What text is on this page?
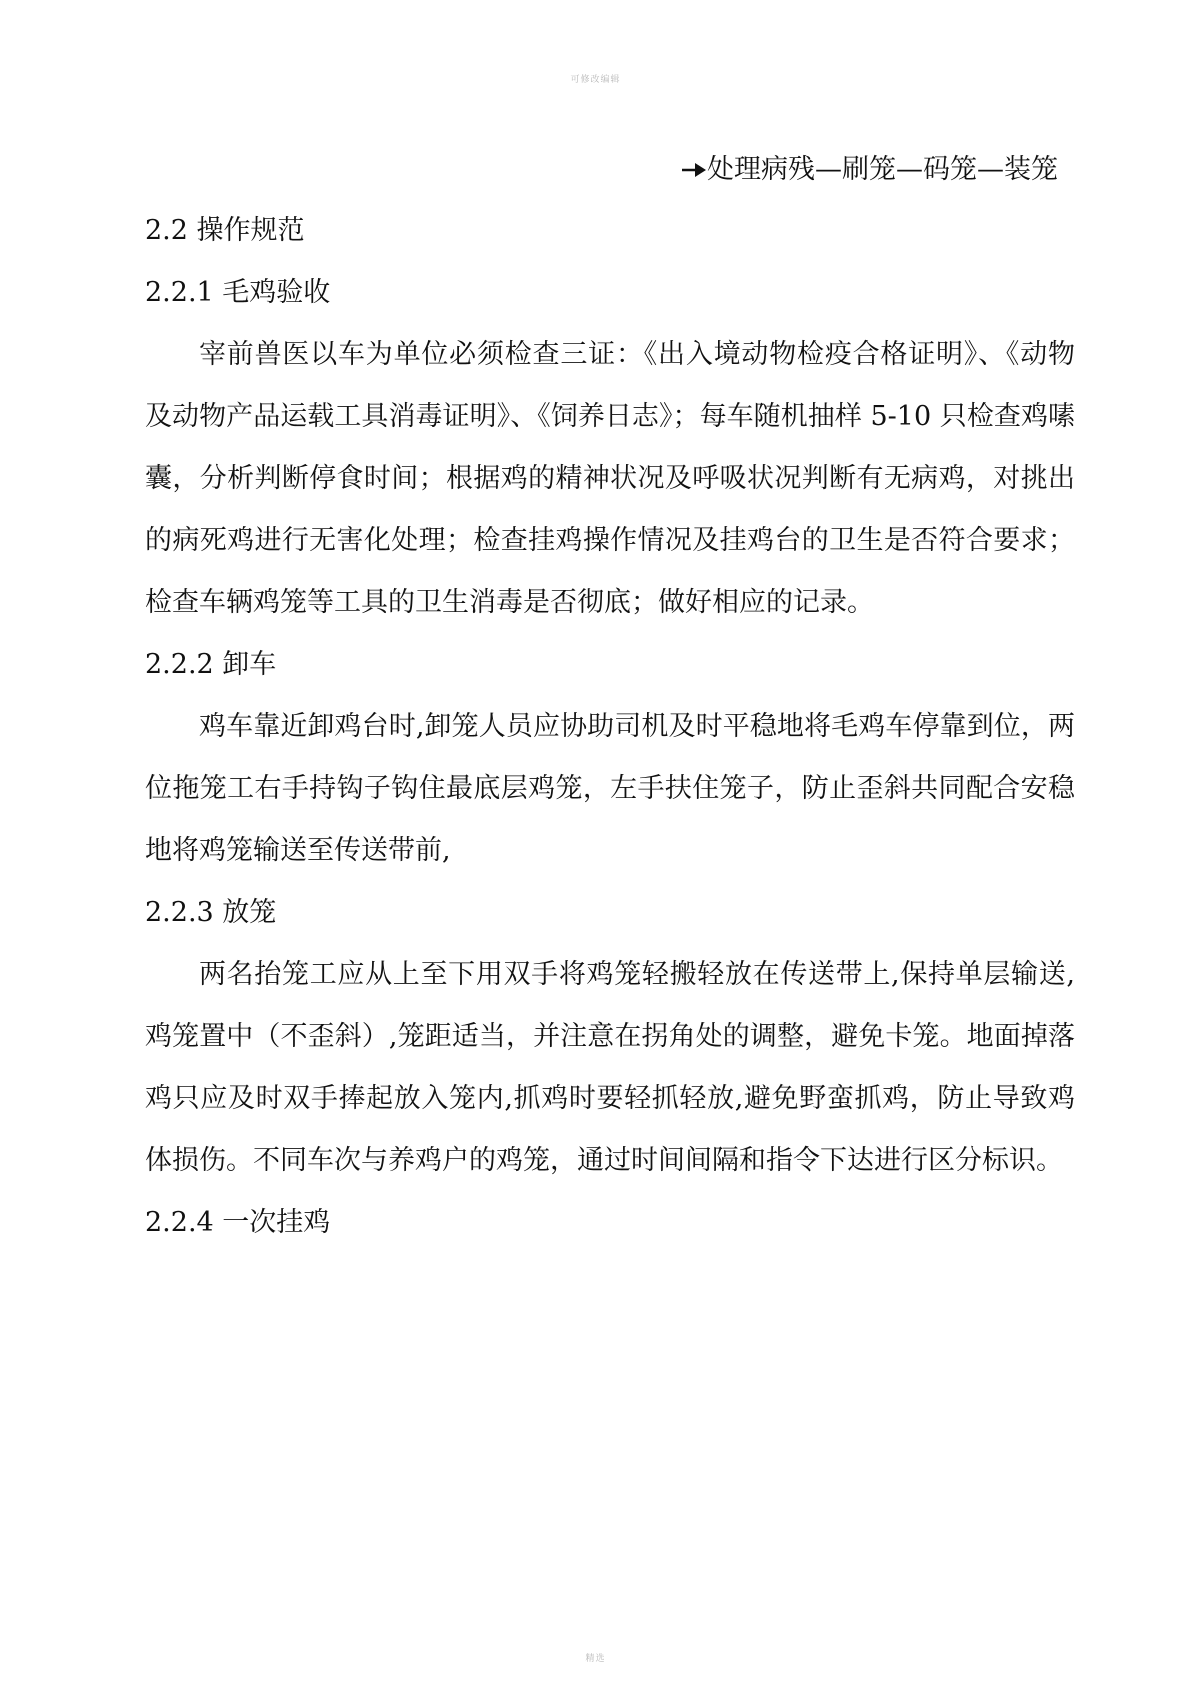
可修改编辑
处理病残—刷笼—码笼—装笼
2.2 操作规范
2.2.1 毛鸡验收

宰前兽医以车为单位必须检查三证：《出入境动物检疫合格证明》、《动物及动物产品运载工具消毒证明》、《饲养日志》；每车随机抽样 5-10 只检查鸡嗉囊，分析判断停食时间；根据鸡的精神状况及呼吸状况判断有无病鸡，对挑出的病死鸡进行无害化处理；检查挂鸡操作情况及挂鸡台的卫生是否符合要求；检查车辆鸡笼等工具的卫生消毒是否彻底；做好相应的记录。

2.2.2 卸车

鸡车靠近卸鸡台时,卸笼人员应协助司机及时平稳地将毛鸡车停靠到位，两位拖笼工右手持钩子钩住最底层鸡笼，左手扶住笼子，防止歪斜共同配合安稳地将鸡笼输送至传送带前,

2.2.3 放笼

两名抬笼工应从上至下用双手将鸡笼轻搬轻放在传送带上,保持单层输送,鸡笼置中（不歪斜）,笼距适当，并注意在拐角处的调整，避免卡笼。地面掉落鸡只应及时双手捧起放入笼内,抓鸡时要轻抓轻放,避免野蛮抓鸡，防止导致鸡体损伤。不同车次与养鸡户的鸡笼，通过时间间隔和指令下达进行区分标识。

2.2.4 一次挂鸡
精选
